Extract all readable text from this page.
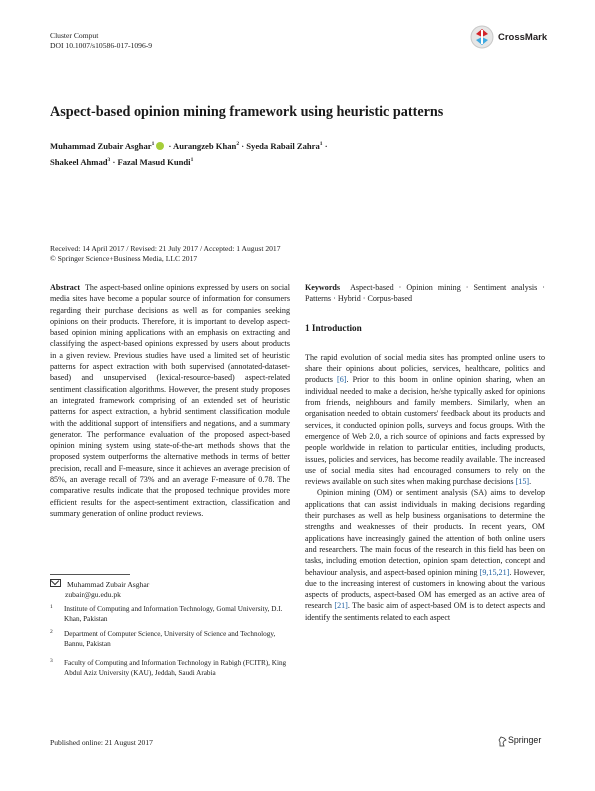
Cluster Comput
DOI 10.1007/s10586-017-1096-9
CrossMark
Aspect-based opinion mining framework using heuristic patterns
Muhammad Zubair Asghar$^1$ · Aurangzeb Khan$^2$ · Syeda Rabail Zahra$^1$ ·
Shakeel Ahmad$^3$ · Fazal Masud Kundi$^1$
Received: 14 April 2017 / Revised: 21 July 2017 / Accepted: 1 August 2017
© Springer Science+Business Media, LLC 2017

Abstract The aspect-based online opinions expressed by users on social media sites have become a popular source of information for consumers regarding their purchase decisions as well as for companies seeking opinions on their products. Therefore, it is important to develop aspect-based opinion mining applications with an emphasis on extracting and classifying the aspect-based opinions expressed by users about products in a given review. Previous studies have used a limited set of heuristic patterns for aspect extraction with both supervised (annotated-dataset-based) and unsupervised (lexical-resource-based) aspect-related sentiment classification algorithms. However, the present study proposes an integrated framework comprising of an extended set of heuristic patterns for aspect extraction, a hybrid sentiment classification module with the additional support of intensifiers and negations, and a summary generator. The performance evaluation of the proposed aspect-based opinion mining system using state-of-the-art methods shows that the proposed system outperforms the alternative methods in terms of better precision, recall and F-measure, since it achieves an average precision of 85%, an average recall of 73% and an average F-measure of 0.78. The comparative results indicate that the proposed technique provides more efficient results for the aspect-sentiment extraction, classification and summary generation of online product reviews.

Muhammad Zubair Asghar
zubair@gu.edu.pk
1 Institute of Computing and Information Technology, Gomal University, D.I. Khan, Pakistan
2 Department of Computer Science, University of Science and Technology, Bannu, Pakistan
3 Faculty of Computing and Information Technology in Rabigh (FCITR), King Abdul Aziz University (KAU), Jeddah, Saudi Arabia

Keywords Aspect-based · Opinion mining · Sentiment analysis · Patterns · Hybrid · Corpus-based

1 Introduction

The rapid evolution of social media sites has prompted online users to share their opinions about policies, services, healthcare, politics and products [6]. Prior to this boom in online opinion sharing, when an individual needed to make a decision, he/she typically asked for opinions from friends, neighbours and family members. Similarly, when an organisation needed to obtain customers' feedback about its products and services, it conducted opinion polls, surveys and focus groups. With the emergence of Web 2.0, a rich source of opinions and facts expressed by people worldwide in relation to particular entities, including products, issues, policies and services, has become readily available. The increased use of social media sites had encouraged consumers to rely on the reviews available on such sites when making purchase decisions [15].

Opinion mining (OM) or sentiment analysis (SA) aims to develop applications that can assist individuals in making decisions regarding their purchases as well as help business organisations to determine the strengths and weaknesses of their products. In recent years, OM applications have increasingly gained the attention of both online users and researchers. The main focus of the research in this field has been on tasks, including emotion detection, opinion spam detection, concept and behaviour analysis, and aspect-based opinion mining [9,15,21]. However, due to the increasing interest of customers in knowing about the various aspects of products, aspect-based OM has emerged as an active area of research [21]. The basic aim of aspect-based OM is to detect aspects and identify the sentiments related to each aspect

Published online: 21 August 2017	Springer
